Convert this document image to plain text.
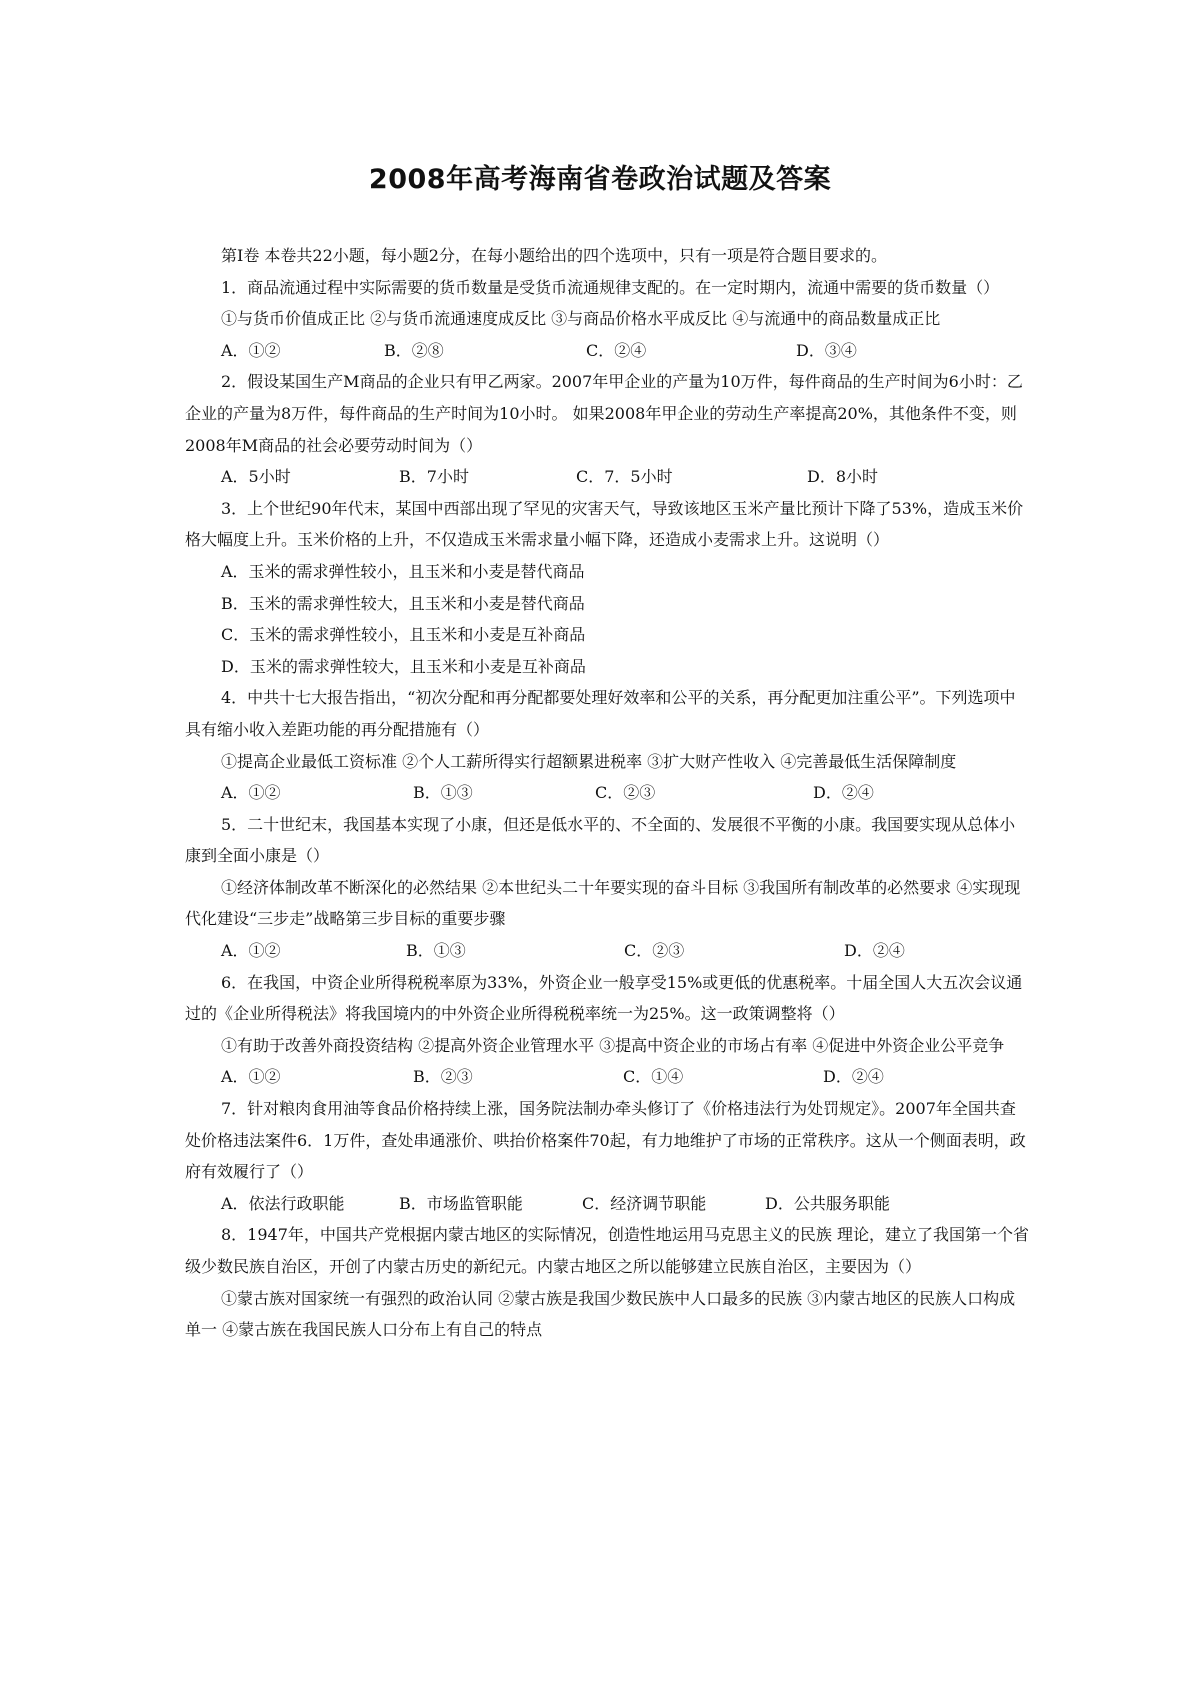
2008年高考海南省卷政治试题及答案

第Ⅰ卷 本卷共22小题，每小题2分，在每小题给出的四个选项中，只有一项是符合题目要求的。

1．商品流通过程中实际需要的货币数量是受货币流通规律支配的。在一定时期内，流通中需要的货币数量（）

①与货币价值成正比 ②与货币流通速度成反比 ③与商品价格水平成反比 ④与流通中的商品数量成正比

A．①②	B．②⑧	C．②④	D．③④

2．假设某国生产M商品的企业只有甲乙两家。2007年甲企业的产量为10万件，每件商品的生产时间为6小时：乙企业的产量为8万件，每件商品的生产时间为10小时。 如果2008年甲企业的劳动生产率提高20%，其他条件不变，则2008年M商品的社会必要劳动时间为（）

A．5小时	B．7小时	C．7．5小时	D．8小时

3．上个世纪90年代末，某国中西部出现了罕见的灾害天气，导致该地区玉米产量比预计下降了53%，造成玉米价格大幅度上升。玉米价格的上升，不仅造成玉米需求量小幅下降，还造成小麦需求上升。这说明（）

A．玉米的需求弹性较小，且玉米和小麦是替代商品
B．玉米的需求弹性较大，且玉米和小麦是替代商品
C．玉米的需求弹性较小，且玉米和小麦是互补商品
D．玉米的需求弹性较大，且玉米和小麦是互补商品

4．中共十七大报告指出，“初次分配和再分配都要处理好效率和公平的关系，再分配更加注重公平”。下列选项中具有缩小收入差距功能的再分配措施有（）

①提高企业最低工资标准 ②个人工薪所得实行超额累进税率 ③扩大财产性收入 ④完善最低生活保障制度

A．①②	B．①③	C．②③	D．②④

5．二十世纪末，我国基本实现了小康，但还是低水平的、不全面的、发展很不平衡的小康。我国要实现从总体小康到全面小康是（）

①经济体制改革不断深化的必然结果 ②本世纪头二十年要实现的奋斗目标 ③我国所有制改革的必然要求 ④实现现代化建设“三步走”战略第三步目标的重要步骤

A．①②	B．①③	C．②③	D．②④

6．在我国，中资企业所得税税率原为33%，外资企业一般享受15%或更低的优惠税率。十届全国人大五次会议通过的《企业所得税法》将我国境内的中外资企业所得税税率统一为25%。这一政策调整将（）

①有助于改善外商投资结构 ②提高外资企业管理水平 ③提高中资企业的市场占有率 ④促进中外资企业公平竞争

A．①②	B．②③	C．①④	D．②④

7．针对粮肉食用油等食品价格持续上涨，国务院法制办牵头修订了《价格违法行为处罚规定》。2007年全国共查处价格违法案件6．1万件，查处串通涨价、哄抬价格案件70起，有力地维护了市场的正常秩序。这从一个侧面表明，政府有效履行了（）

A．依法行政职能	B．市场监管职能	C．经济调节职能	D．公共服务职能

8．1947年，中国共产党根据内蒙古地区的实际情况，创造性地运用马克思主义的民族 理论，建立了我国第一个省级少数民族自治区，开创了内蒙古历史的新纪元。内蒙古地区之所以能够建立民族自治区，主要因为（）

①蒙古族对国家统一有强烈的政治认同 ②蒙古族是我国少数民族中人口最多的民族 ③内蒙古地区的民族人口构成单一 ④蒙古族在我国民族人口分布上有自己的特点
